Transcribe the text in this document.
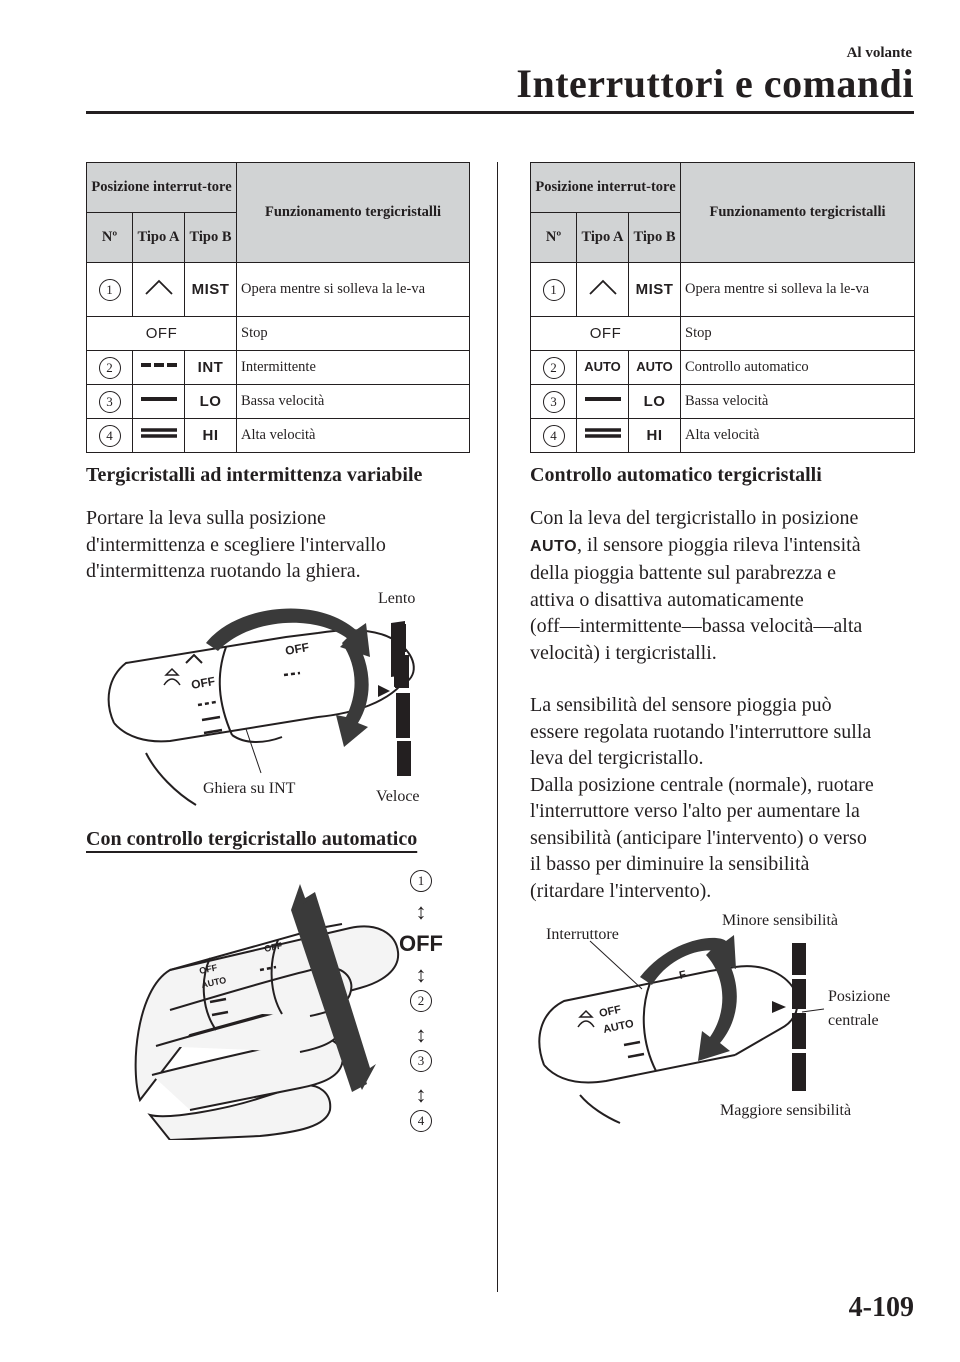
Al volante
Interruttori e comandi
Posizione interrut-tore			Funzionamento tergicristalli
Nº	Tipo A	Tipo B	
1		MIST	Opera mentre si solleva la le-va
OFF			Stop
2		INT	Intermittente
3		LO	Bassa velocità
4		HI	Alta velocità
Posizione interrut-tore			Funzionamento tergicristalli
Nº	Tipo A	Tipo B	
1		MIST	Opera mentre si solleva la le-va
OFF			Stop
2	AUTO	AUTO	Controllo automatico
3		LO	Bassa velocità
4		HI	Alta velocità
Tergicristalli ad intermittenza variabile
Portare la leva sulla posizione
d'intermittenza e scegliere l'intervallo
d'intermittenza ruotando la ghiera.
OFF
OFF
Ghiera su INT
Lento
Veloce
Con controllo tergicristallo automatico
OFF
AUTO
OFF
1
↕
OFF
↕
2
↕
3
↕
4
Controllo automatico tergicristalli
Con la leva del tergicristallo in posizione
AUTO, il sensore pioggia rileva l'intensità
della pioggia battente sul parabrezza e
attiva o disattiva automaticamente
(off—intermittente—bassa velocità—alta
velocità) i tergicristalli.
La sensibilità del sensore pioggia può
essere regolata ruotando l'interruttore sulla
leva del tergicristallo.
Dalla posizione centrale (normale), ruotare
l'interruttore verso l'alto per aumentare la
sensibilità (anticipare l'intervento) o verso
il basso per diminuire la sensibilità
(ritardare l'intervento).
OFF
AUTO
F
Interruttore
Minore sensibilità
Maggiore sensibilità
Posizione
centrale
4-109
